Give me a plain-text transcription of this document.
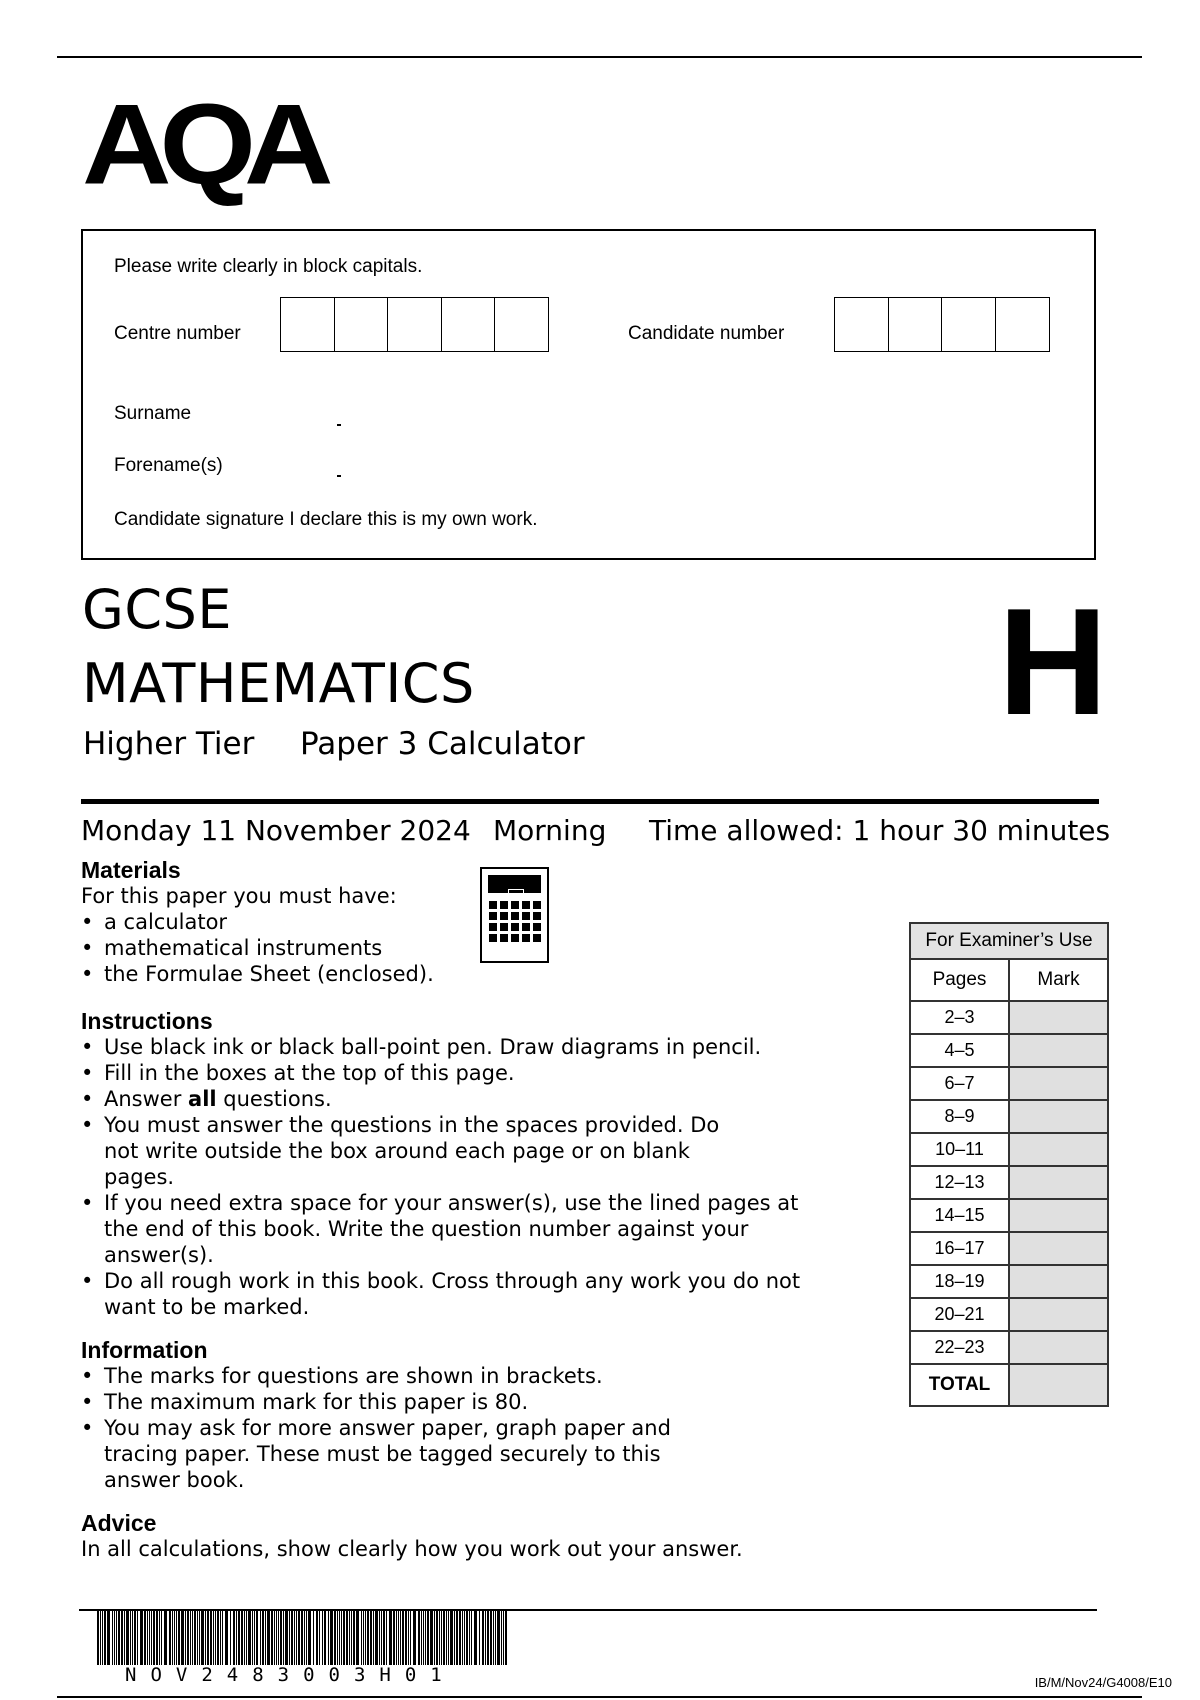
AQA
Please write clearly in block capitals.
Centre number	Candidate number
Surname
Forename(s)
Candidate signature I declare this is my own work.
GCSE
MATHEMATICS
Higher Tier Paper 3 Calculator	H
Monday 11 November 2024 Morning Time allowed: 1 hour 30 minutes
Materials
For this paper you must have:
• a calculator
• mathematical instruments
• the Formulae Sheet (enclosed).
Instructions
• Use black ink or black ball-point pen. Draw diagrams in pencil.
• Fill in the boxes at the top of this page.
• Answer all questions.
• You must answer the questions in the spaces provided. Do not write outside the box around each page or on blank pages.
• If you need extra space for your answer(s), use the lined pages at the end of this book. Write the question number against your answer(s).
• Do all rough work in this book. Cross through any work you do not want to be marked.
Information
• The marks for questions are shown in brackets.
• The maximum mark for this paper is 80.
• You may ask for more answer paper, graph paper and tracing paper. These must be tagged securely to this answer book.
Advice
In all calculations, show clearly how you work out your answer.
For Examiner’s Use	
Pages	Mark
2–3	
4–5	
6–7	
8–9	
10–11	
12–13	
14–15	
16–17	
18–19	
20–21	
22–23	
TOTAL	
NOV2483003H01	IB/M/Nov24/G4008/E10
